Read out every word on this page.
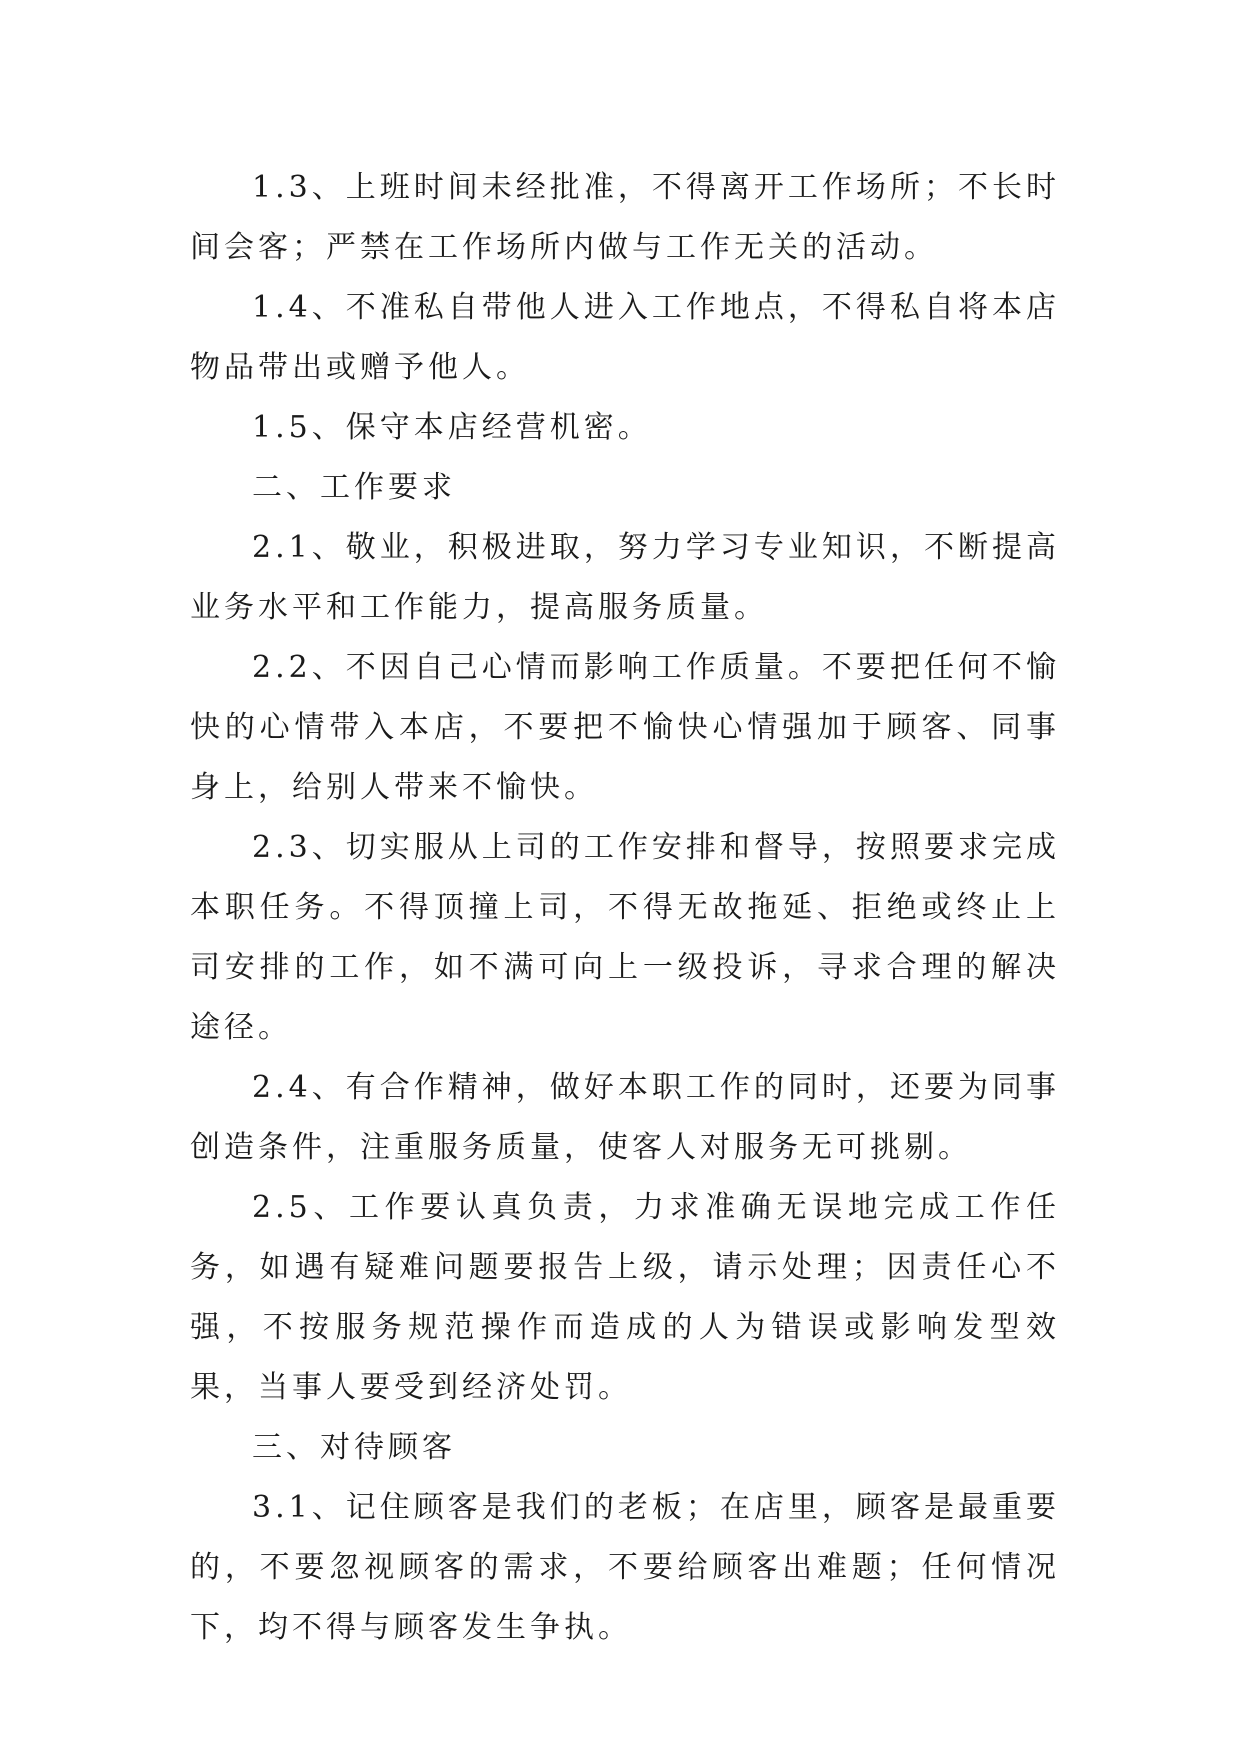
1.3、上班时间未经批准，不得离开工作场所；不长时间会客；严禁在工作场所内做与工作无关的活动。

1.4、不准私自带他人进入工作地点，不得私自将本店物品带出或赠予他人。

1.5、保守本店经营机密。

二、工作要求

2.1、敬业，积极进取，努力学习专业知识，不断提高业务水平和工作能力，提高服务质量。

2.2、不因自己心情而影响工作质量。不要把任何不愉快的心情带入本店，不要把不愉快心情强加于顾客、同事身上，给别人带来不愉快。

2.3、切实服从上司的工作安排和督导，按照要求完成本职任务。不得顶撞上司，不得无故拖延、拒绝或终止上司安排的工作，如不满可向上一级投诉，寻求合理的解决途径。

2.4、有合作精神，做好本职工作的同时，还要为同事创造条件，注重服务质量，使客人对服务无可挑剔。

2.5、工作要认真负责，力求准确无误地完成工作任务，如遇有疑难问题要报告上级，请示处理；因责任心不强，不按服务规范操作而造成的人为错误或影响发型效果，当事人要受到经济处罚。

三、对待顾客

3.1、记住顾客是我们的老板；在店里，顾客是最重要的，不要忽视顾客的需求，不要给顾客出难题；任何情况下，均不得与顾客发生争执。
